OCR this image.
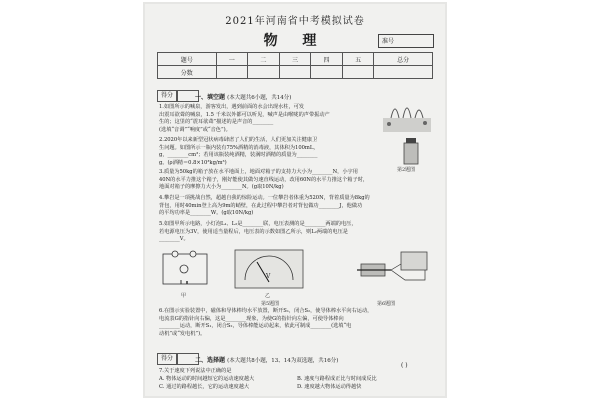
2021年河南省中考模拟试卷
物 理	准号
题号	一	二	三	四	五	总分
分数						
得分	一、填空题 (本大题共6小题，共14分)
1.如图所示的喊泉，游客发出，遇到前面的水会出现水柱，可发
出震耳欲聋的喊泉，1.5 千米以外都可以听见，喊声是由喉咙的声带振动产
生的；这里的“震耳欲聋”描述的是声音的________
(选填“音调”“响度”或“音色”)。
2.2020年以来新型冠状病毒肆虐了人们的生活，人们更加关注健康卫
生问题。如图所示一瓶内装有75%酒精的消毒液，其体积为100mL，
g，________cm³；若用该瓶装纯酒精，装满时酒精的质量为________
g。(ρ酒精＝0.8×10³kg/m³)
第2题图
3.质量为50kg的箱子放在水平地面上，地面对箱子的支持力大小为________N，小宇用
40N的水平力推这个箱子，刚好能使其做匀速直线运动，改用60N的水平力推这个箱子时，
地面对箱子的摩擦力大小为________N。(g取10N/kg)
4.攀岩是一项挑战自然，超越自我的惊险运动。一位攀岩者体重为520N，背着质量为8kg的
背包，用时40min登上高为9m的峭壁，在此过程中攀岩者对背包做功________J，他做功
的平均功率是________W。(g取10N/kg)
5.如图甲所示电路，小灯泡L₁、L₂是________联，电压表测的是________两端的电压，
若电源电压为3V，使用适当量程后，电压表的示数如图乙所示，则L₂两端的电压是
________V。
甲
V
乙
第5题图	第6题图
6.在图示实验装置中，磁体和导体棒均水平放置，断开S₁，闭合S₂，使导体棒水平向右运动，
电流表G的指针向右偏，这是________现象，为使G的指针向左偏，可使导体棒向
________运动，断开S₁，闭合S₂，导体棒能运动起来，依此可制成________(选填“电
动机”或“发电机”)。
得分	二、选择题 (本大题共8小题，13、14为双选题，共16分)
7.关于速度下列说法中正确的是
( )
A. 物体运动的时间越短它的运动速度越大	B. 速度与路程成正比与时间成反比
C. 通过的路程越长，它的运动速度越大	D. 速度越大物体运动得越快
